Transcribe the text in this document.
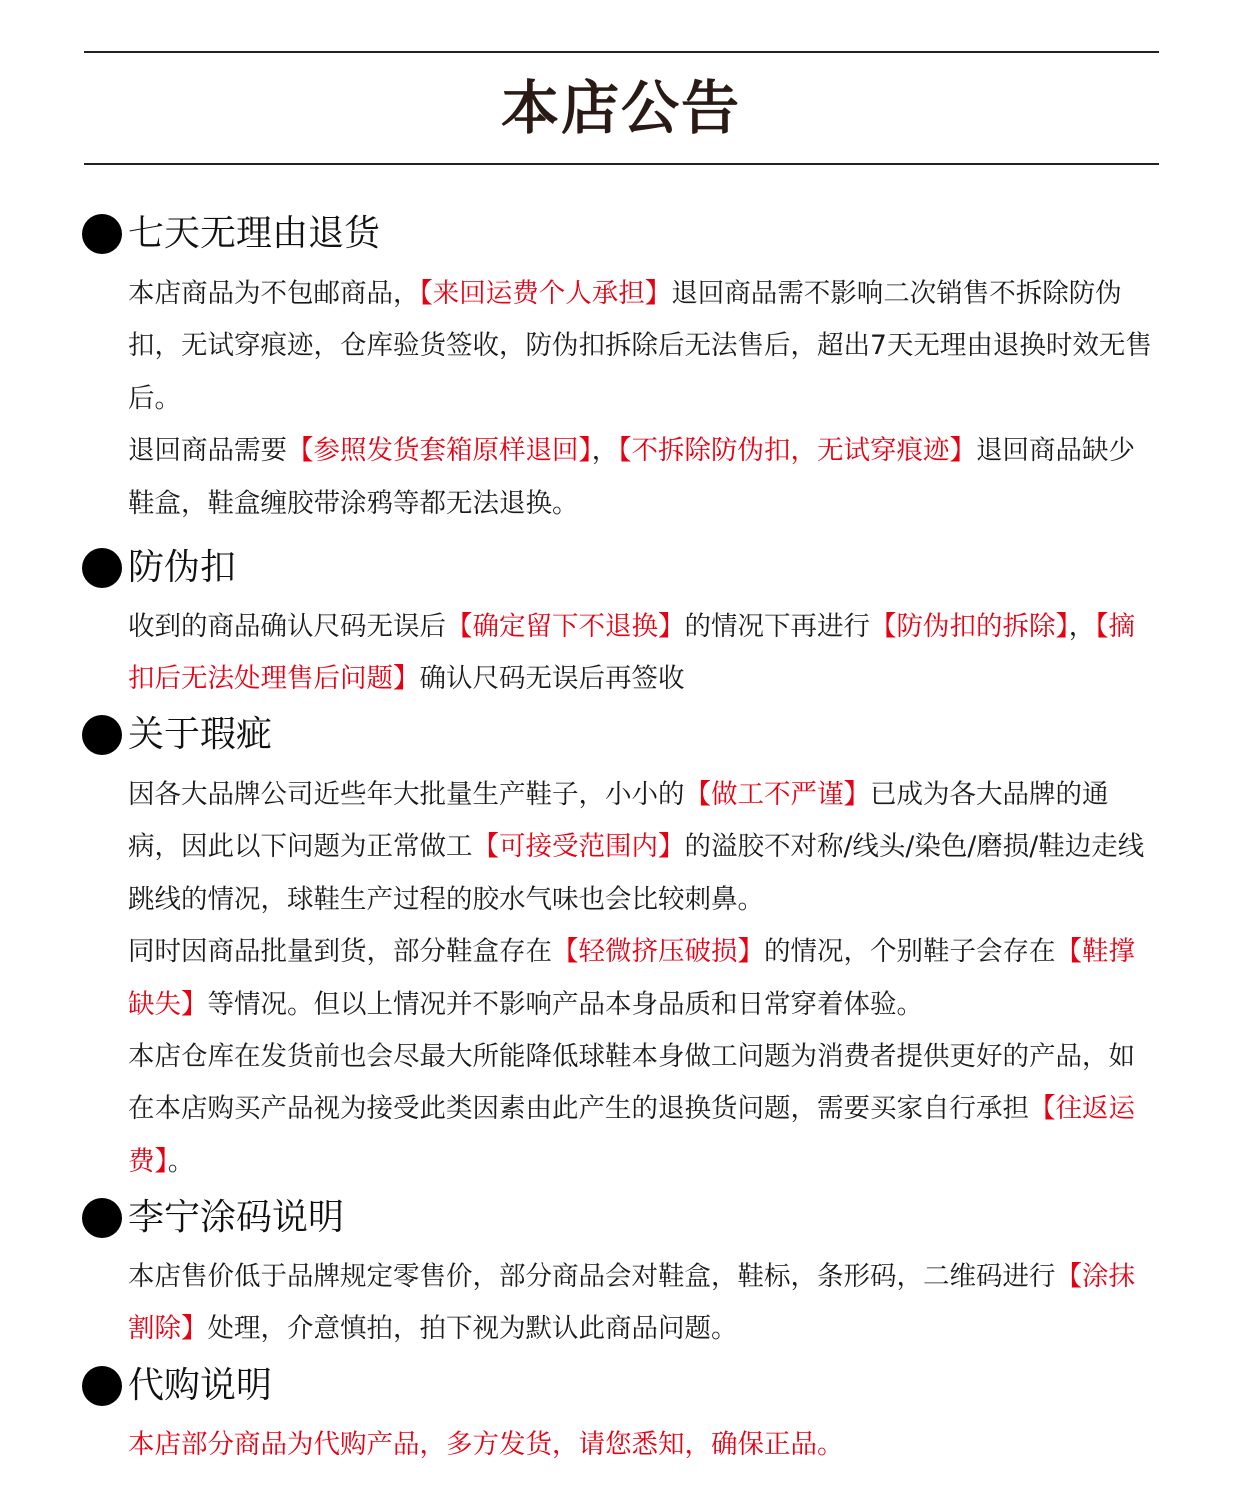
本店公告
七天无理由退货

本店商品为不包邮商品，【来回运费个人承担】退回商品需不影响二次销售不拆除防伪扣，无试穿痕迹，仓库验货签收，防伪扣拆除后无法售后，超出7天无理由退换时效无售后。

退回商品需要【参照发货套箱原样退回】，【不拆除防伪扣，无试穿痕迹】退回商品缺少鞋盒，鞋盒缠胶带涂鸦等都无法退换。

防伪扣

收到的商品确认尺码无误后【确定留下不退换】的情况下再进行【防伪扣的拆除】，【摘扣后无法处理售后问题】确认尺码无误后再签收

关于瑕疵

因各大品牌公司近些年大批量生产鞋子，小小的【做工不严谨】已成为各大品牌的通病，因此以下问题为正常做工【可接受范围内】的溢胶不对称/线头/染色/磨损/鞋边走线跳线的情况，球鞋生产过程的胶水气味也会比较刺鼻。

同时因商品批量到货，部分鞋盒存在【轻微挤压破损】的情况，个别鞋子会存在【鞋撑缺失】等情况。但以上情况并不影响产品本身品质和日常穿着体验。

本店仓库在发货前也会尽最大所能降低球鞋本身做工问题为消费者提供更好的产品，如在本店购买产品视为接受此类因素由此产生的退换货问题，需要买家自行承担【往返运费】。

李宁涂码说明

本店售价低于品牌规定零售价，部分商品会对鞋盒，鞋标，条形码，二维码进行【涂抹割除】处理，介意慎拍，拍下视为默认此商品问题。

代购说明

本店部分商品为代购产品，多方发货，请您悉知，确保正品。
